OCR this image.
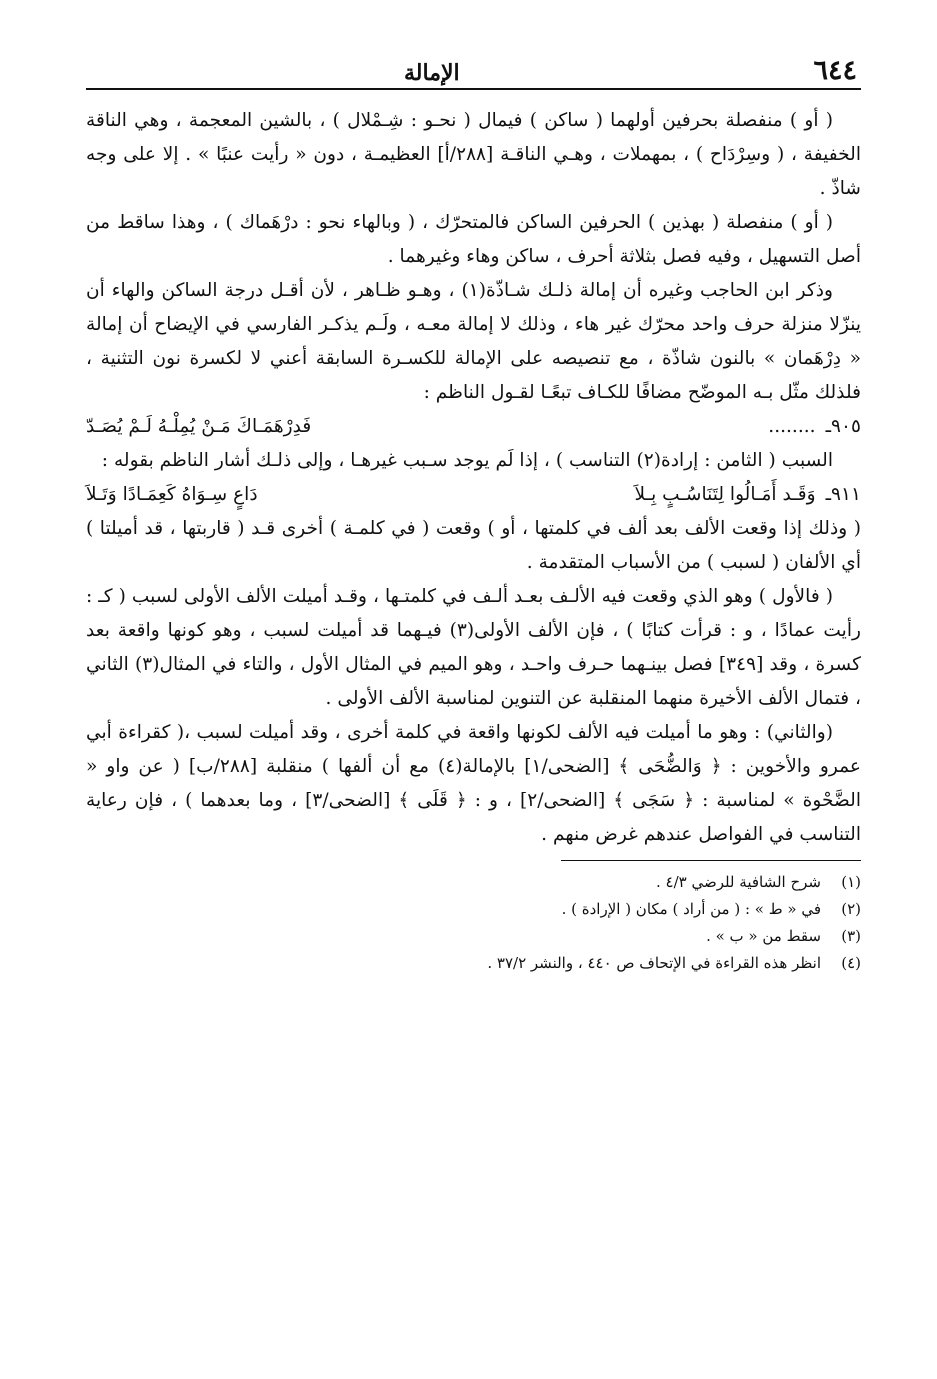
٦٤٤
الإمالة

( أو ) منفصلة بحرفين أولهما ( ساكن ) فيمال ( نحـو : شِـمْلال ) ، بالشين المعجمة ، وهي الناقة الخفيفة ، ( وسِرْدَاح ) ، بمهملات ، وهـي الناقـة [٢٨٨/أ] العظيمـة ، دون « رأيت عنبًا » . إلا على وجه شاذّ .

( أو ) منفصلة ( بهذين ) الحرفين الساكن فالمتحرّك ، ( وبالهاء نحو : درْهَماك ) ، وهذا ساقط من أصل التسهيل ، وفيه فصل بثلاثة أحرف ، ساكن وهاء وغيرهما .

وذكر ابن الحاجب وغيره أن إمالة ذلـك شـاذّة(١) ، وهـو ظـاهر ، لأن أقـل درجة الساكن والهاء أن ينزّلا منزلة حرف واحد محرّك غير هاء ، وذلك لا إمالة معـه ، ولَـم يذكـر الفارسي في الإيضاح أن إمالة « دِرْهَمان » بالنون شاذّة ، مع تنصيصه على الإمالة للكسـرة السابقة أعني لا لكسرة نون التثنية ، فلذلك مثّل بـه الموضّح مضافًا للكـاف تبعًـا لقـول الناظم :

٩٠٥ـ
........
فَدِرْهَمَـاكَ مَـنْ يُمِلْـهُ لَـمْ يُصَـدّ

السبب ( الثامن : إرادة(٢) التناسب ) ، إذا لَم يوجد سـبب غيرهـا ، وإلى ذلـك أشار الناظم بقوله :

٩١١ـ
وَقَـد أَمَـالُوا لِتَنَاسُـبٍ بِـلاَ
دَاعٍ سِـوَاهُ كَعِمَـادًا وَتَـلاَ

( وذلك إذا وقعت الألف بعد ألف في كلمتها ، أو ) وقعت ( في كلمـة ) أخرى قـد ( قاربتها ، قد أميلتا ) أي الألفان ( لسبب ) من الأسباب المتقدمة .

( فالأول ) وهو الذي وقعت فيه الألـف بعـد ألـف في كلمتـها ، وقـد أميلت الألف الأولى لسبب ( كـ : رأيت عمادًا ، و : قرأت كتابًا ) ، فإن الألف الأولى(٣) فيـهما قد أميلت لسبب ، وهو كونها واقعة بعد كسرة ، وقد [٣٤٩] فصل بينـهما حـرف واحـد ، وهو الميم في المثال الأول ، والتاء في المثال(٣) الثاني ، فتمال الألف الأخيرة منهما المنقلبة عن التنوين لمناسبة الألف الأولى .

(والثاني) : وهو ما أميلت فيه الألف لكونها واقعة في كلمة أخرى ، وقد أميلت لسبب ،( كقراءة أبي عمرو والأخوين : ﴿ وَالضُّحَى ﴾ [الضحى/١] بالإمالة(٤) مع أن ألفها ) منقلبة [٢٨٨/ب] ( عن واو « الضَّحْوة » لمناسبة : ﴿ سَجَى ﴾ [الضحى/٢] ، و : ﴿ قَلَى ﴾ [الضحى/٣] ، وما بعدهما ) ، فإن رعاية التناسب في الفواصل عندهم غرض منهم .

(١)
شرح الشافية للرضي ٤/٣ .
(٢)
في « ط » : ( من أراد ) مكان ( الإرادة ) .
(٣)
سقط من « ب » .
(٤)
انظر هذه القراءة في الإتحاف ص ٤٤٠ ، والنشر ٣٧/٢ .
